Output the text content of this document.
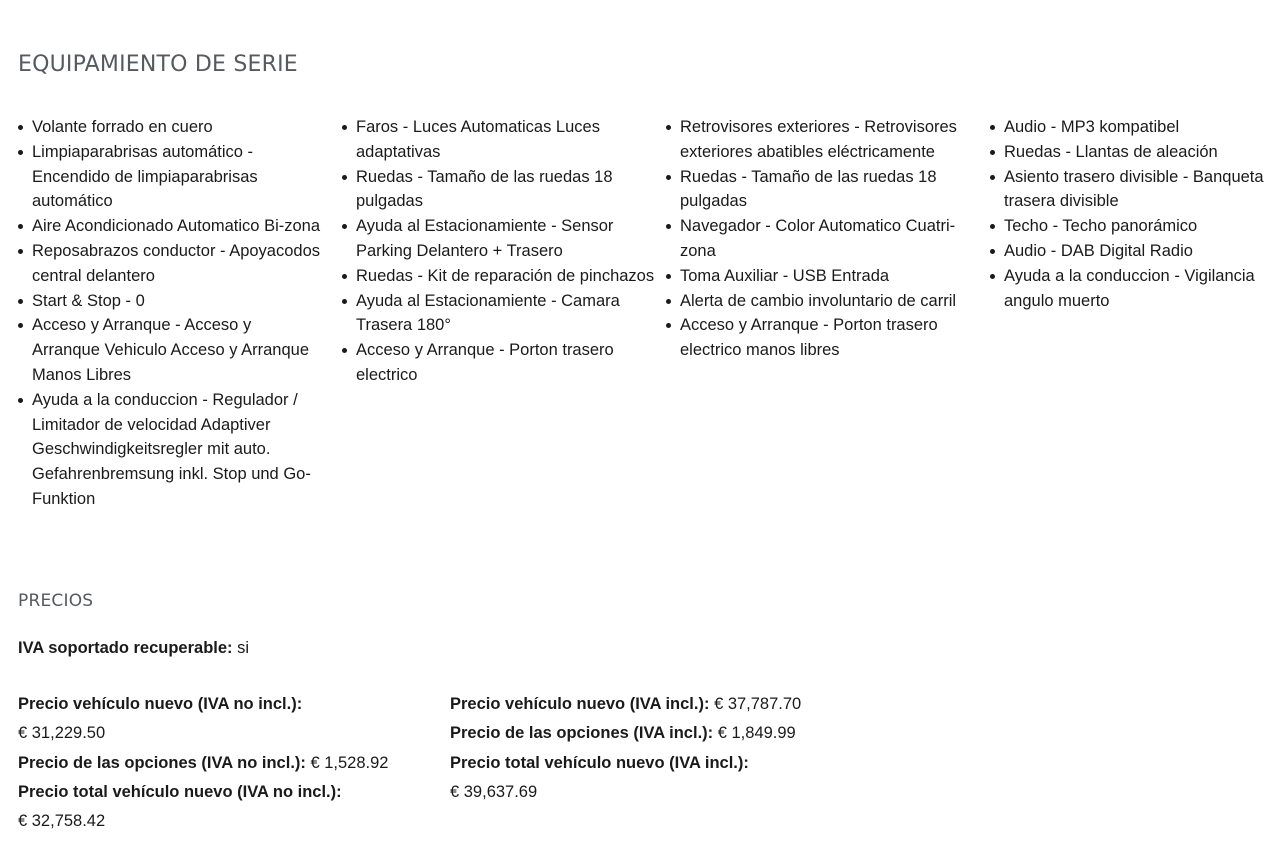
EQUIPAMIENTO DE SERIE
Volante forrado en cuero
Limpiaparabrisas automático - Encendido de limpiaparabrisas automático
Aire Acondicionado Automatico Bi-zona
Reposabrazos conductor - Apoyacodos central delantero
Start & Stop - 0
Acceso y Arranque - Acceso y Arranque Vehiculo Acceso y Arranque Manos Libres
Ayuda a la conduccion - Regulador / Limitador de velocidad Adaptiver Geschwindigkeitsregler mit auto. Gefahrenbremsung inkl. Stop und Go-Funktion
Faros - Luces Automaticas Luces adaptativas
Ruedas - Tamaño de las ruedas 18 pulgadas
Ayuda al Estacionamiente - Sensor Parking Delantero + Trasero
Ruedas - Kit de reparación de pinchazos
Ayuda al Estacionamiente - Camara Trasera 180°
Acceso y Arranque - Porton trasero electrico
Retrovisores exteriores - Retrovisores exteriores abatibles eléctricamente
Ruedas - Tamaño de las ruedas 18 pulgadas
Navegador - Color Automatico Cuatri-zona
Toma Auxiliar - USB Entrada
Alerta de cambio involuntario de carril
Acceso y Arranque - Porton trasero electrico manos libres
Audio - MP3 kompatibel
Ruedas - Llantas de aleación
Asiento trasero divisible - Banqueta trasera divisible
Techo - Techo panorámico
Audio - DAB Digital Radio
Ayuda a la conduccion - Vigilancia angulo muerto
PRECIOS
IVA soportado recuperable: si
Precio vehículo nuevo (IVA no incl.):
€ 31,229.50
Precio de las opciones (IVA no incl.): € 1,528.92
Precio total vehículo nuevo (IVA no incl.):
€ 32,758.42
Precio vehículo nuevo (IVA incl.): € 37,787.70
Precio de las opciones (IVA incl.): € 1,849.99
Precio total vehículo nuevo (IVA incl.):
€ 39,637.69
